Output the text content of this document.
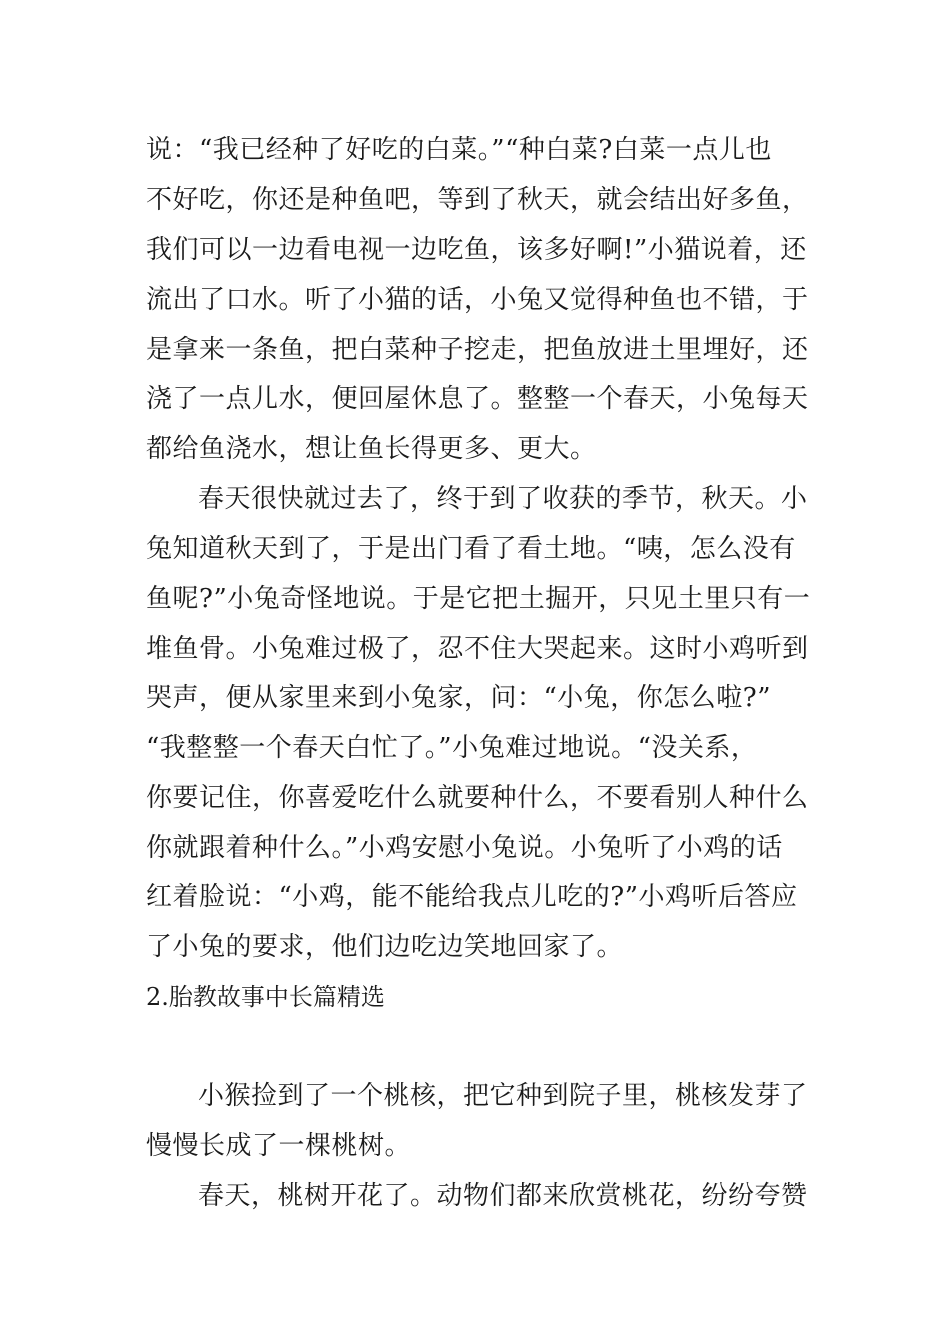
说：“我已经种了好吃的白菜。”“种白菜?白菜一点儿也
不好吃，你还是种鱼吧，等到了秋天，就会结出好多鱼，
我们可以一边看电视一边吃鱼，该多好啊!”小猫说着，还
流出了口水。听了小猫的话，小兔又觉得种鱼也不错，于
是拿来一条鱼，把白菜种子挖走，把鱼放进土里埋好，还
浇了一点儿水，便回屋休息了。整整一个春天，小兔每天
都给鱼浇水，想让鱼长得更多、更大。
春天很快就过去了，终于到了收获的季节，秋天。小
兔知道秋天到了，于是出门看了看土地。“咦，怎么没有
鱼呢?”小兔奇怪地说。于是它把土掘开，只见土里只有一
堆鱼骨。小兔难过极了，忍不住大哭起来。这时小鸡听到
哭声，便从家里来到小兔家，问：“小兔，你怎么啦?”
“我整整一个春天白忙了。”小兔难过地说。“没关系，
你要记住，你喜爱吃什么就要种什么，不要看别人种什么
你就跟着种什么。”小鸡安慰小兔说。小兔听了小鸡的话
红着脸说：“小鸡，能不能给我点儿吃的?”小鸡听后答应
了小兔的要求，他们边吃边笑地回家了。
2.胎教故事中长篇精选
小猴捡到了一个桃核，把它种到院子里，桃核发芽了
慢慢长成了一棵桃树。
春天，桃树开花了。动物们都来欣赏桃花，纷纷夸赞
